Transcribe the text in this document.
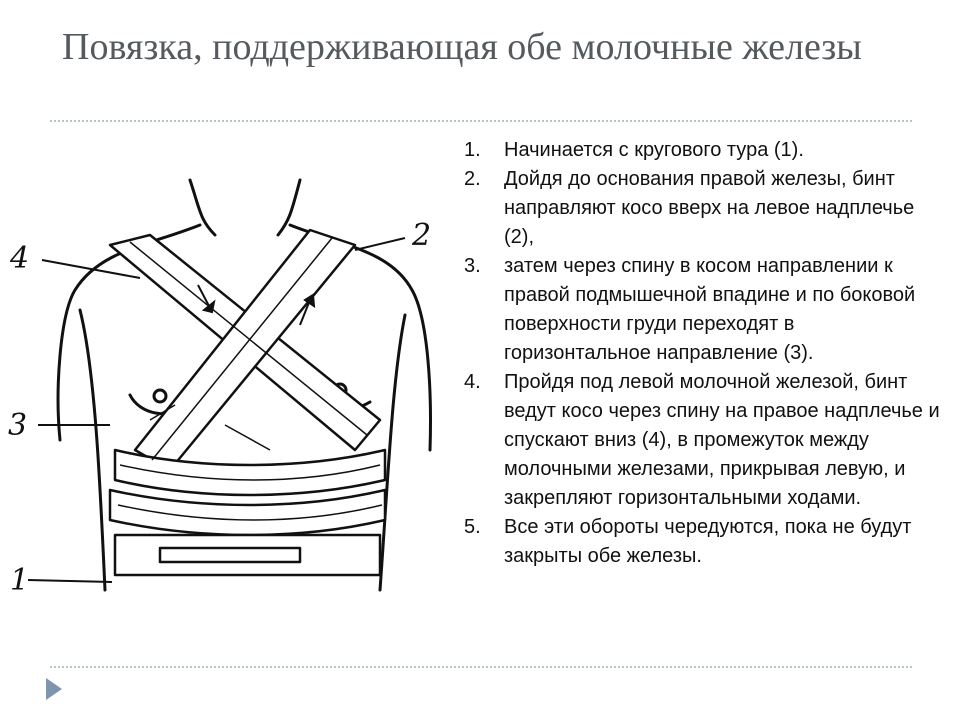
Повязка, поддерживающая обе молочные железы
4
2
3
1
1.	Начинается с кругового тура (1).
2.	Дойдя до основания правой железы, бинт направляют косо вверх на левое надплечье (2),
3.	затем через спину в косом направлении к правой подмышечной впадине и по боковой поверхности груди переходят в горизонтальное направление (3).
4.	Пройдя под левой молочной железой, бинт ведут косо через спину на правое надплечье и спускают вниз (4), в промежуток между молочными железами, прикрывая левую, и закрепляют горизонтальными ходами.
5.	Все эти обороты чередуются, пока не будут закрыты обе железы.
